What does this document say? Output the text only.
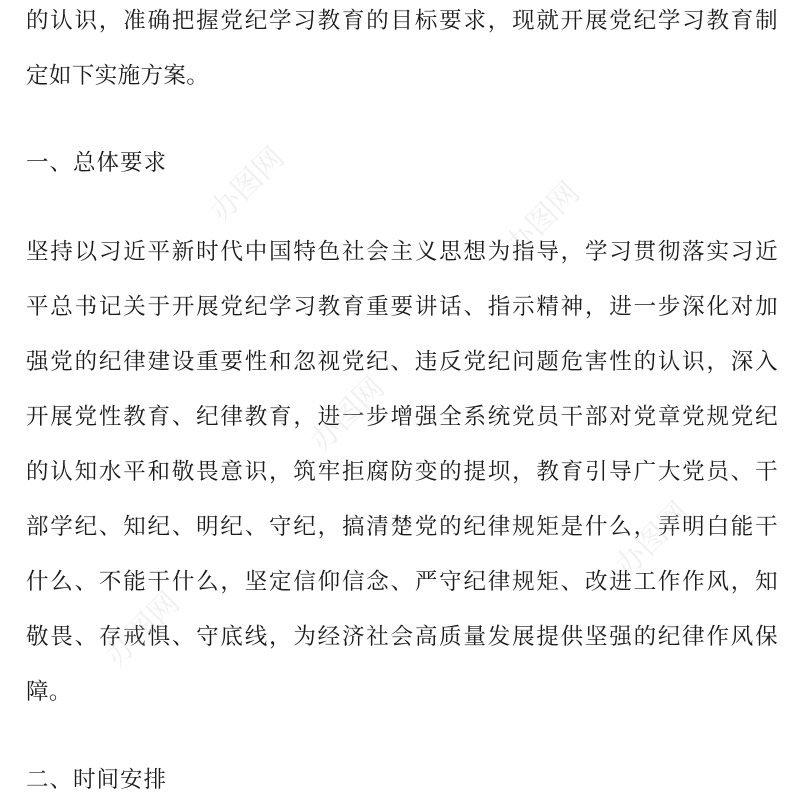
的认识，准确把握党纪学习教育的目标要求，现就开展党纪学习教育制
定如下实施方案。
一、总体要求
坚持以习近平新时代中国特色社会主义思想为指导，学习贯彻落实习近
平总书记关于开展党纪学习教育重要讲话、指示精神，进一步深化对加
强党的纪律建设重要性和忽视党纪、违反党纪问题危害性的认识，深入
开展党性教育、纪律教育，进一步增强全系统党员干部对党章党规党纪
的认知水平和敬畏意识，筑牢拒腐防变的提坝，教育引导广大党员、干
部学纪、知纪、明纪、守纪，搞清楚党的纪律规矩是什么，弄明白能干
什么、不能干什么，坚定信仰信念、严守纪律规矩、改进工作作风，知
敬畏、存戒惧、守底线，为经济社会高质量发展提供坚强的纪律作风保
障。
二、时间安排
办图网	办图网
办图网
办图网
办图网
